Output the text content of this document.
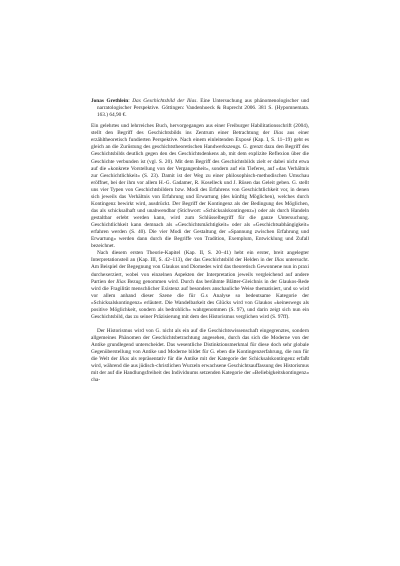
Jonas Grethlein: Das Geschichtsbild der Ilias. Eine Untersuchung aus phänomenologischer und narratologischer Perspektive. Göttingen: Vandenhoeck & Ruprecht 2006. 381 S. (Hypomnemata. 163.) 64,90 €.

Ein gelehrtes und lehrreiches Buch, hervorgegangen aus einer Freiburger Habilitationsschrift (2004), stellt den Begriff des Geschichtsbilds ins Zentrum einer Betrachtung der Ilias aus einer erzähltheoretisch fundierten Perspektive. Nach einem einleitenden Exposé (Kap. I, S. 11–19) geht es gleich an die Zurüstung des geschichtstheoretischen Handwerkszeugs. G. grenzt dazu den Begriff des Geschichtsbilds deutlich gegen den des Geschichtsdenkens ab, mit dem explizite Reflexion über die Geschichte verbunden ist (vgl. S. 20). Mit dem Begriff des Geschichtsbilds zielt er dabei nicht etwa auf die »konkrete Vorstellung von der Vergangenheit«, sondern auf ein Tieferes, auf »das Verhältnis zur Geschichtlichkeit« (S. 23). Damit ist der Weg zu einer philosophisch-methodischen Umschau eröffnet, bei der ihm vor allem H.-G. Gadamer, R. Koselleck und J. Rüsen das Geleit geben. G. stellt uns vier Typen von Geschichtsbildern bzw. Modi des Erfahrens von Geschichtlichkeit vor, in denen sich jeweils das Verhältnis von Erfahrung und Erwartung (des künftig Möglichen), welches durch Kontingenz bewirkt wird, ausdrückt. Der Begriff der Kontingenz als der Bedingung des Möglichen, das als schicksalhaft und unabwendbar (Stichwort: »Schicksalskontingenz«) oder als durch Handeln gestaltbar erlebt werden kann, wird zum Schlüsselbegriff für die ganze Untersuchung. Geschichtlichkeit kann demnach als »Geschichtsmächtigkeit« oder als »Geschichtsabhängigkeit« erfahren werden (S. 40). Die vier Modi der Gestaltung der »Spannung zwischen Erfahrung und Erwartung« werden dann durch die Begriffe von Tradition, Exemplum, Entwicklung und Zufall bezeichnet.

Nach diesem ersten Theorie-Kapitel (Kap. II, S. 20–41) hebt ein erster, breit angelegter Interpretationsteil an (Kap. III, S. 42–113), der das Geschichtsbild der Helden in der Ilias untersucht. Am Beispiel der Begegnung von Glaukos und Diomedes wird das theoretisch Gewonnene nun in praxi durchexerziert, wobei von einzelnen Aspekten der Interpretation jeweils vergleichend auf andere Partien der Ilias Bezug genommen wird. Durch das berühmte Blätter-Gleichnis in der Glaukos-Rede wird die Fragilität menschlicher Existenz auf besonders anschauliche Weise thematisiert, und so wird vor allem anhand dieser Szene die für G.s Analyse so bedeutsame Kategorie der »Schicksalskontingenz« erläutert. Die Wandelbarkeit des Glücks wird von Glaukos »keineswegs als positive Möglichkeit, sondern als bedrohlich« wahrgenommen (S. 97), und darin zeigt sich nun ein Geschichtsbild, das zu seiner Präzisierung mit dem des Historismus verglichen wird (S. 97ff).

Der Historismus wird von G. nicht als ein auf die Geschichtswissenschaft eingegrenztes, sondern allgemeines Phänomen der Geschichtsbetrachtung angesehen, durch das sich die Moderne von der Antike grundlegend unterscheidet. Das wesentliche Distinktionsmerkmal für diese doch sehr globale Gegenüberstellung von Antike und Moderne bildet für G. eben die Kontingenzerfahrung, die nun für die Welt der Ilias als repräsentativ für die Antike mit der Kategorie der Schicksalskontingenz erfaßt wird, während die aus jüdisch-christlichen Wurzeln erwachsene Geschichtsauffassung des Historismus mit der auf die Handlungsfreiheit des Individuums setzenden Kategorie der »Beliebigkeitskontingenz« cha-
